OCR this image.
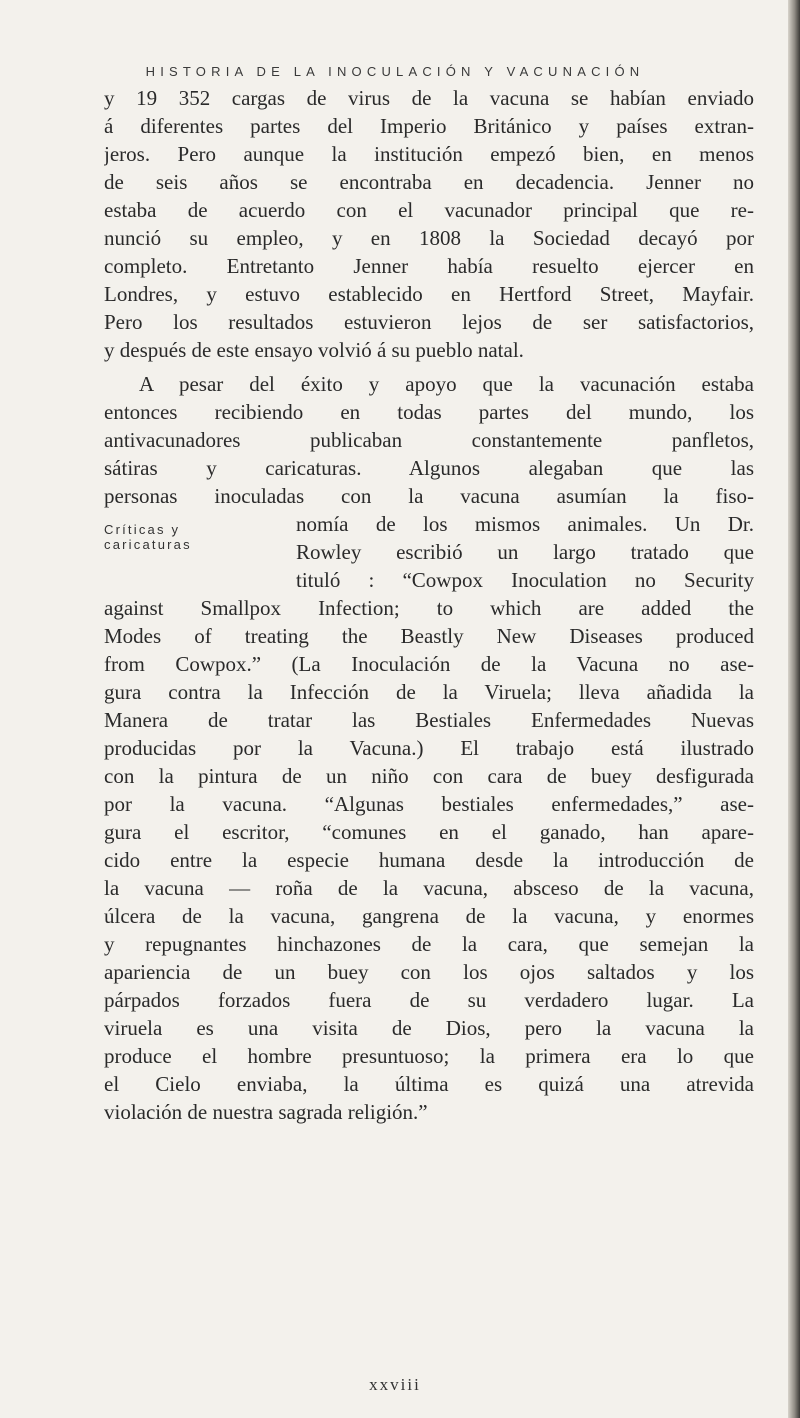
HISTORIA DE LA INOCULACIÓN Y VACUNACIÓN
y 19 352 cargas de virus de la vacuna se habían enviado
á diferentes partes del Imperio Británico y países extran-
jeros. Pero aunque la institución empezó bien, en menos
de seis años se encontraba en decadencia. Jenner no
estaba de acuerdo con el vacunador principal que re-
nunció su empleo, y en 1808 la Sociedad decayó por
completo. Entretanto Jenner había resuelto ejercer en
Londres, y estuvo establecido en Hertford Street, Mayfair.
Pero los resultados estuvieron lejos de ser satisfactorios,
y después de este ensayo volvió á su pueblo natal.
A pesar del éxito y apoyo que la vacunación estaba
entonces recibiendo en todas partes del mundo, los
antivacunadores publicaban constantemente panfletos,
sátiras y caricaturas. Algunos alegaban que las
personas inoculadas con la vacuna asumían la fiso-
nomía de los mismos animales. Un Dr.
Rowley escribió un largo tratado que
tituló : “Cowpox Inoculation no Security
against Smallpox Infection; to which are added the
Modes of treating the Beastly New Diseases produced
from Cowpox.” (La Inoculación de la Vacuna no ase-
gura contra la Infección de la Viruela; lleva añadida la
Manera de tratar las Bestiales Enfermedades Nuevas
producidas por la Vacuna.) El trabajo está ilustrado
con la pintura de un niño con cara de buey desfigurada
por la vacuna. “Algunas bestiales enfermedades,” ase-
gura el escritor, “comunes en el ganado, han apare-
cido entre la especie humana desde la introducción de
la vacuna — roña de la vacuna, absceso de la vacuna,
úlcera de la vacuna, gangrena de la vacuna, y enormes
y repugnantes hinchazones de la cara, que semejan la
apariencia de un buey con los ojos saltados y los
párpados forzados fuera de su verdadero lugar. La
viruela es una visita de Dios, pero la vacuna la
produce el hombre presuntuoso; la primera era lo que
el Cielo enviaba, la última es quizá una atrevida
violación de nuestra sagrada religión.”
Críticas y
caricaturas
xxviii
